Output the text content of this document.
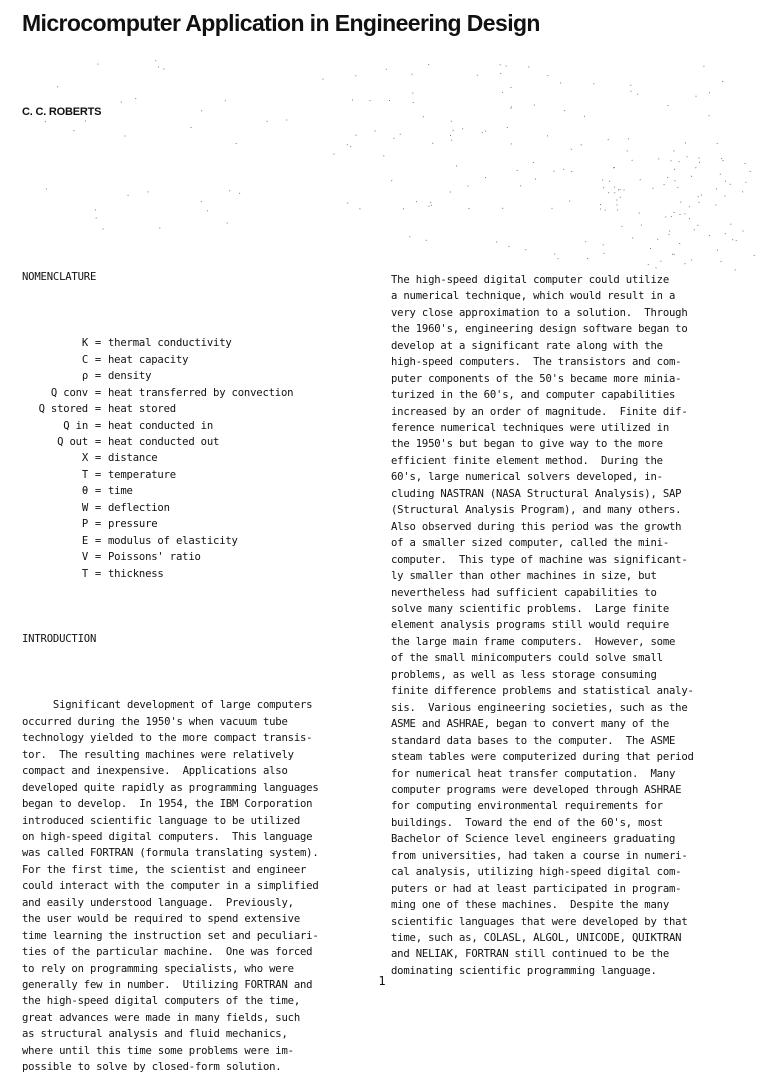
Microcomputer Application in Engineering Design
C. C. ROBERTS

NOMENCLATURE

K = thermal conductivity
C = heat capacity
ρ = density
Q conv = heat transferred by convection
Q stored = heat stored
Q in = heat conducted in
Q out = heat conducted out
X = distance
T = temperature
θ = time
W = deflection
P = pressure
E = modulus of elasticity
V = Poissons' ratio
T = thickness

INTRODUCTION

Significant development of large computers
occurred during the 1950's when vacuum tube
technology yielded to the more compact transis-
tor.  The resulting machines were relatively
compact and inexpensive.  Applications also
developed quite rapidly as programming languages
began to develop.  In 1954, the IBM Corporation
introduced scientific language to be utilized
on high-speed digital computers.  This language
was called FORTRAN (formula translating system).
For the first time, the scientist and engineer
could interact with the computer in a simplified
and easily understood language.  Previously,
the user would be required to spend extensive
time learning the instruction set and peculiari-
ties of the particular machine.  One was forced
to rely on programming specialists, who were
generally few in number.  Utilizing FORTRAN and
the high-speed digital computers of the time,
great advances were made in many fields, such
as structural analysis and fluid mechanics,
where until this time some problems were im-
possible to solve by closed-form solution.

The high-speed digital computer could utilize
a numerical technique, which would result in a
very close approximation to a solution.  Through
the 1960's, engineering design software began to
develop at a significant rate along with the
high-speed computers.  The transistors and com-
puter components of the 50's became more minia-
turized in the 60's, and computer capabilities
increased by an order of magnitude.  Finite dif-
ference numerical techniques were utilized in
the 1950's but began to give way to the more
efficient finite element method.  During the
60's, large numerical solvers developed, in-
cluding NASTRAN (NASA Structural Analysis), SAP
(Structural Analysis Program), and many others.
Also observed during this period was the growth
of a smaller sized computer, called the mini-
computer.  This type of machine was significant-
ly smaller than other machines in size, but
nevertheless had sufficient capabilities to
solve many scientific problems.  Large finite
element analysis programs still would require
the large main frame computers.  However, some
of the small minicomputers could solve small
problems, as well as less storage consuming
finite difference problems and statistical analy-
sis.  Various engineering societies, such as the
ASME and ASHRAE, began to convert many of the
standard data bases to the computer.  The ASME
steam tables were computerized during that period
for numerical heat transfer computation.  Many
computer programs were developed through ASHRAE
for computing environmental requirements for
buildings.  Toward the end of the 60's, most
Bachelor of Science level engineers graduating
from universities, had taken a course in numeri-
cal analysis, utilizing high-speed digital com-
puters or had at least participated in program-
ming one of these machines.  Despite the many
scientific languages that were developed by that
time, such as, COLASL, ALGOL, UNICODE, QUIKTRAN
and NELIAK, FORTRAN still continued to be the
dominating scientific programming language.

1
